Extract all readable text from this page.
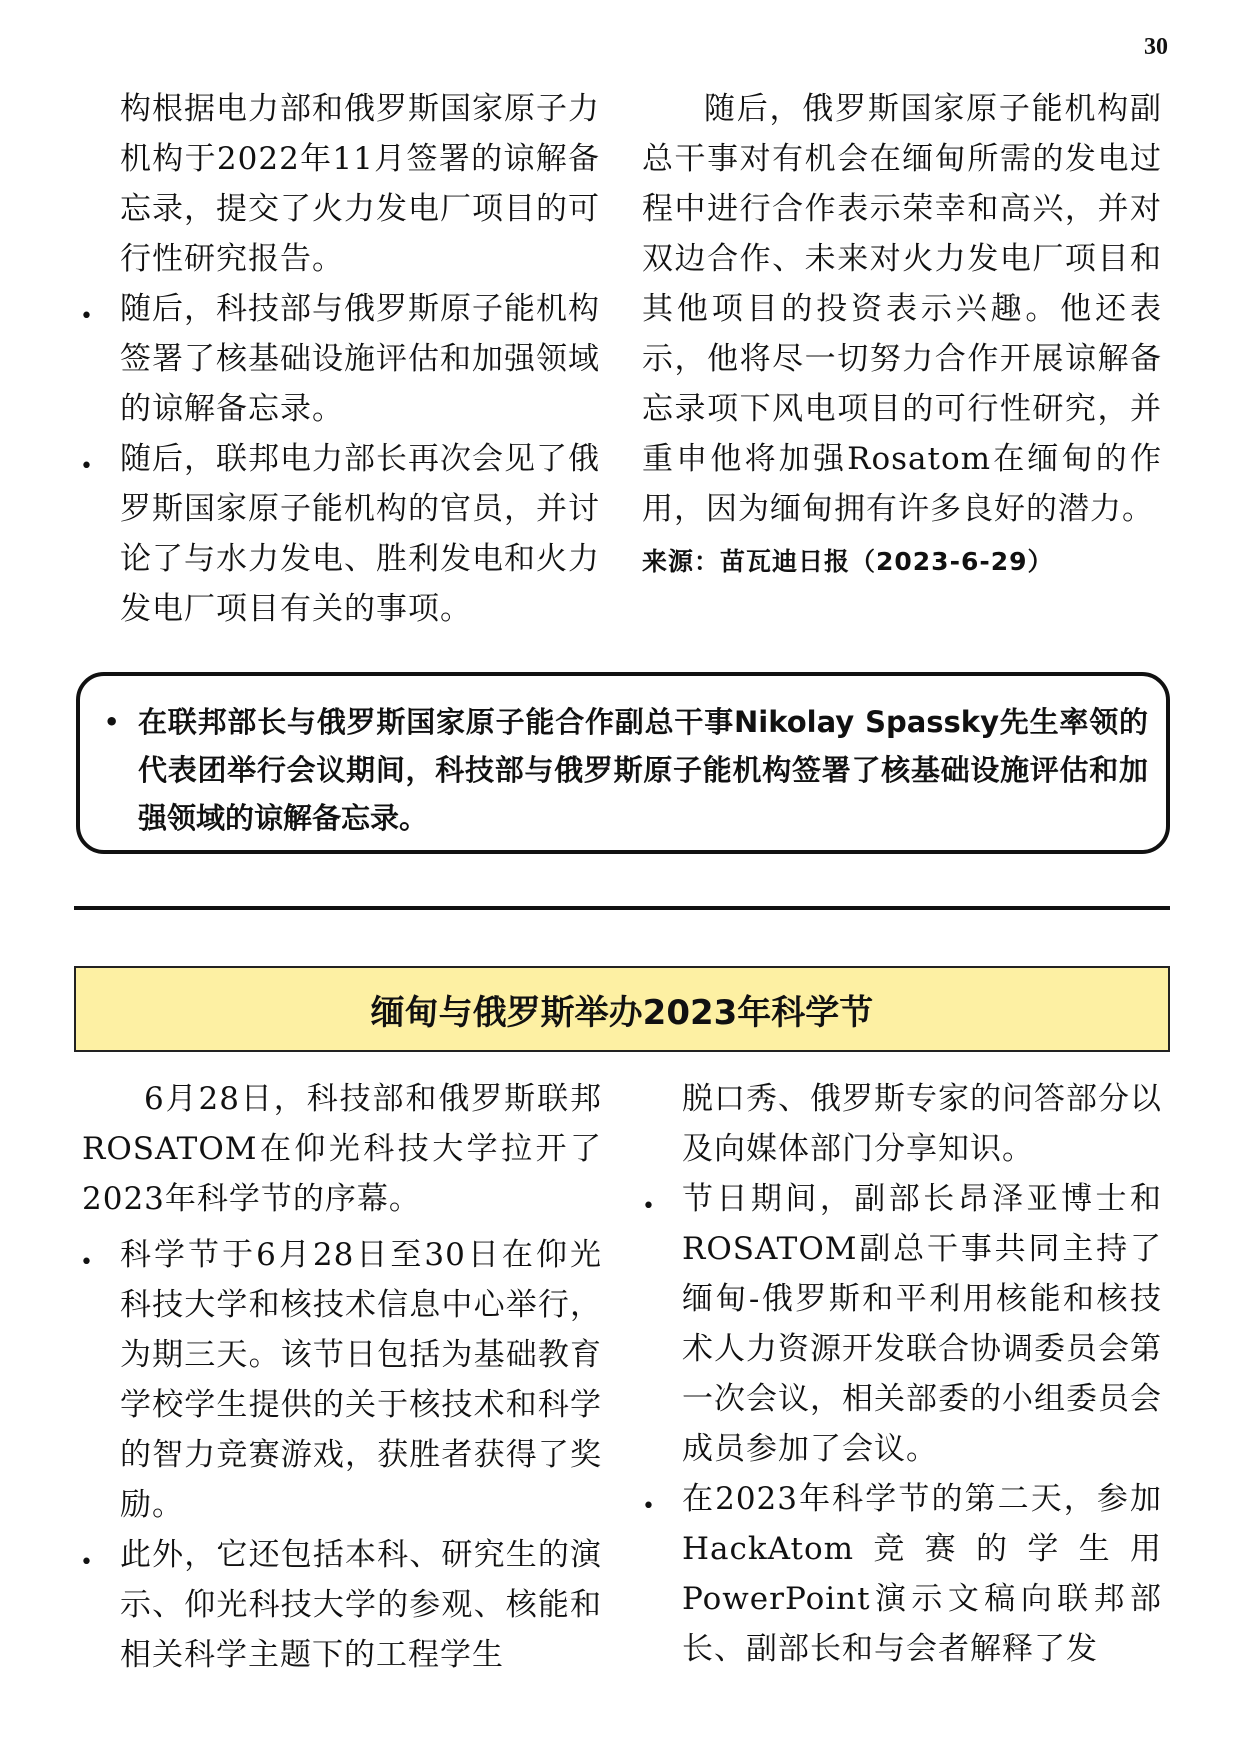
30
构根据电力部和俄罗斯国家原子力机构于2022年11月签署的谅解备忘录，提交了火力发电厂项目的可行性研究报告。
• 随后，科技部与俄罗斯原子能机构签署了核基础设施评估和加强领域的谅解备忘录。
• 随后，联邦电力部长再次会见了俄罗斯国家原子能机构的官员，并讨论了与水力发电、胜利发电和火力发电厂项目有关的事项。

随后，俄罗斯国家原子能机构副总干事对有机会在缅甸所需的发电过程中进行合作表示荣幸和高兴，并对双边合作、未来对火力发电厂项目和其他项目的投资表示兴趣。他还表示，他将尽一切努力合作开展谅解备忘录项下风电项目的可行性研究，并重申他将加强Rosatom在缅甸的作用，因为缅甸拥有许多良好的潜力。

来源：苗瓦迪日报（2023-6-29）

• 在联邦部长与俄罗斯国家原子能合作副总干事Nikolay Spassky先生率领的代表团举行会议期间，科技部与俄罗斯原子能机构签署了核基础设施评估和加强领域的谅解备忘录。

缅甸与俄罗斯举办2023年科学节

6月28日，科技部和俄罗斯联邦ROSATOM在仰光科技大学拉开了2023年科学节的序幕。

• 科学节于6月28日至30日在仰光科技大学和核技术信息中心举行，为期三天。该节日包括为基础教育学校学生提供的关于核技术和科学的智力竞赛游戏，获胜者获得了奖励。
• 此外，它还包括本科、研究生的演示、仰光科技大学的参观、核能和相关科学主题下的工程学生

脱口秀、俄罗斯专家的问答部分以及向媒体部门分享知识。

• 节日期间，副部长昂泽亚博士和ROSATOM副总干事共同主持了缅甸-俄罗斯和平利用核能和核技术人力资源开发联合协调委员会第一次会议，相关部委的小组委员会成员参加了会议。
• 在2023年科学节的第二天，参加HackAtom竞赛的学生用PowerPoint演示文稿向联邦部长、副部长和与会者解释了发
